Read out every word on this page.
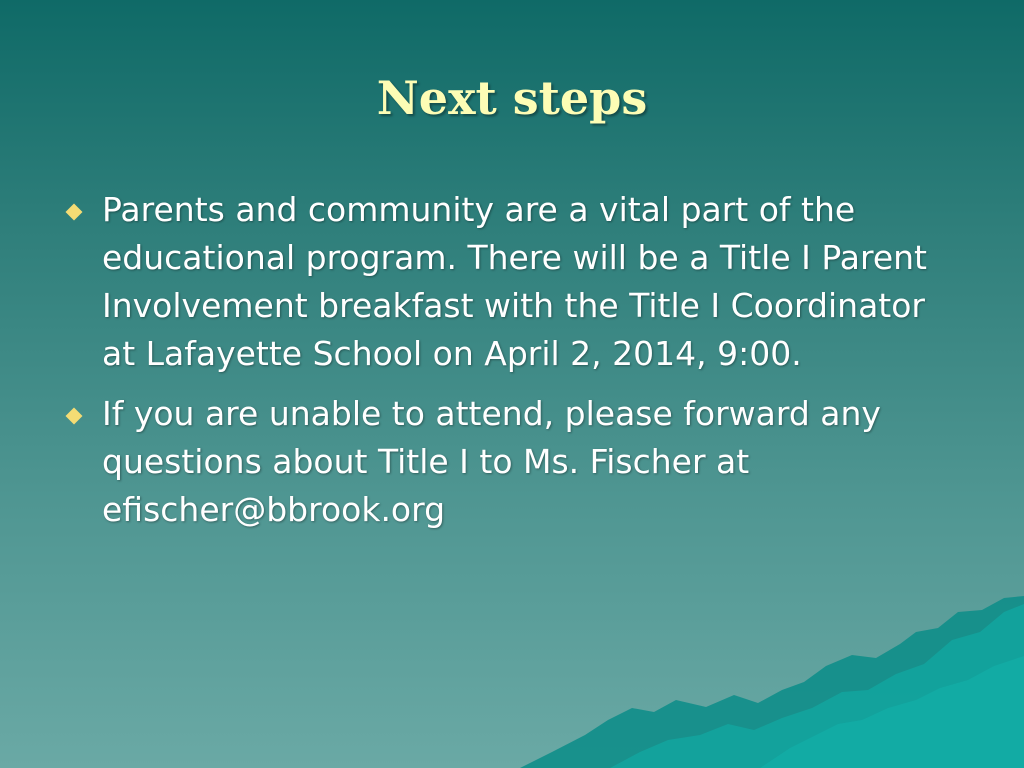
Next steps
Parents and community are a vital part of the educational program. There will be a Title I Parent Involvement breakfast with the Title I Coordinator at Lafayette School on April 2, 2014, 9:00.
If you are unable to attend, please forward any questions about Title I to Ms. Fischer at efischer@bbrook.org
